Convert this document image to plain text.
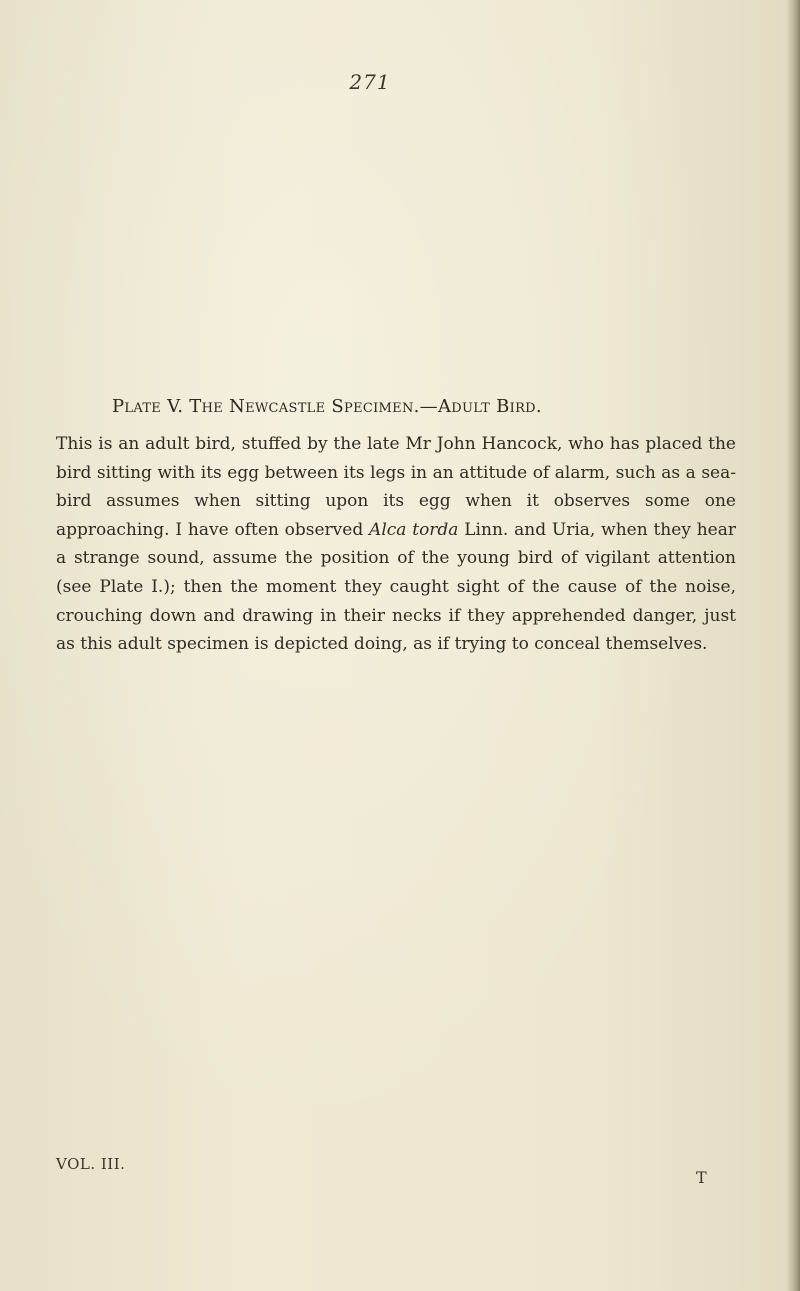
271
Plate V. The Newcastle Specimen.—Adult Bird.

This is an adult bird, stuffed by the late Mr John Hancock, who has placed the bird sitting with its egg between its legs in an attitude of alarm, such as a sea-bird assumes when sitting upon its egg when it observes some one approaching. I have often observed Alca torda Linn. and Uria, when they hear a strange sound, assume the position of the young bird of vigilant attention (see Plate I.); then the moment they caught sight of the cause of the noise, crouching down and drawing in their necks if they apprehended danger, just as this adult specimen is depicted doing, as if trying to conceal themselves.

VOL. III.
T
